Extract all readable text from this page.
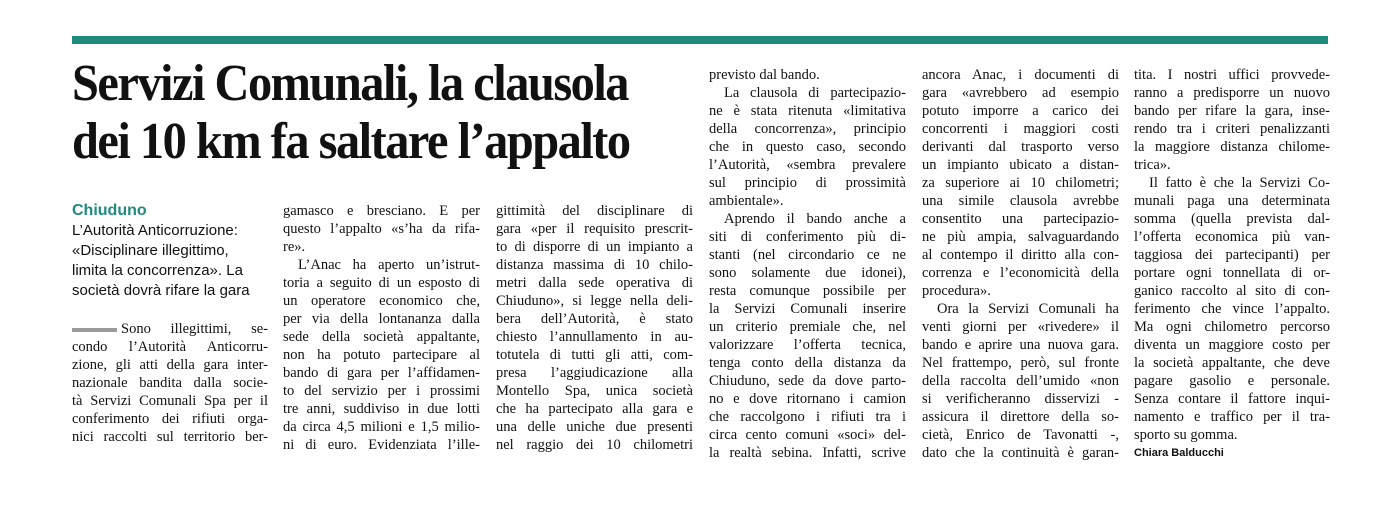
Servizi Comunali, la clausola
dei 10 km fa saltare l’appalto
Chiuduno
L’Autorità Anticorruzione:
«Disciplinare illegittimo,
limita la concorrenza». La
società dovrà rifare la gara
Sono illegittimi, se-
condo l’Autorità Anticorru-
zione, gli atti della gara inter-
nazionale bandita dalla socie-
tà Servizi Comunali Spa per il
conferimento dei rifiuti orga-
nici raccolti sul territorio ber-
gamasco e bresciano. E per
questo l’appalto «s’ha da rifa-
re».
L’Anac ha aperto un’istrut-
toria a seguito di un esposto di
un operatore economico che,
per via della lontananza dalla
sede della società appaltante,
non ha potuto partecipare al
bando di gara per l’affidamen-
to del servizio per i prossimi
tre anni, suddiviso in due lotti
da circa 4,5 milioni e 1,5 milio-
ni di euro. Evidenziata l’ille-
gittimità del disciplinare di
gara «per il requisito prescrit-
to di disporre di un impianto a
distanza massima di 10 chilo-
metri dalla sede operativa di
Chiuduno», si legge nella deli-
bera dell’Autorità, è stato
chiesto l’annullamento in au-
totutela di tutti gli atti, com-
presa l’aggiudicazione alla
Montello Spa, unica società
che ha partecipato alla gara e
una delle uniche due presenti
nel raggio dei 10 chilometri
previsto dal bando.
La clausola di partecipazio-
ne è stata ritenuta «limitativa
della concorrenza», principio
che in questo caso, secondo
l’Autorità, «sembra prevalere
sul principio di prossimità
ambientale».
Aprendo il bando anche a
siti di conferimento più di-
stanti (nel circondario ce ne
sono solamente due idonei),
resta comunque possibile per
la Servizi Comunali inserire
un criterio premiale che, nel
valorizzare l’offerta tecnica,
tenga conto della distanza da
Chiuduno, sede da dove parto-
no e dove ritornano i camion
che raccolgono i rifiuti tra i
circa cento comuni «soci» del-
la realtà sebina. Infatti, scrive
ancora Anac, i documenti di
gara «avrebbero ad esempio
potuto imporre a carico dei
concorrenti i maggiori costi
derivanti dal trasporto verso
un impianto ubicato a distan-
za superiore ai 10 chilometri;
una simile clausola avrebbe
consentito una partecipazio-
ne più ampia, salvaguardando
al contempo il diritto alla con-
correnza e l’economicità della
procedura».
Ora la Servizi Comunali ha
venti giorni per «rivedere» il
bando e aprire una nuova gara.
Nel frattempo, però, sul fronte
della raccolta dell’umido «non
si verificheranno disservizi -
assicura il direttore della so-
cietà, Enrico de Tavonatti -,
dato che la continuità è garan-
tita. I nostri uffici provvede-
ranno a predisporre un nuovo
bando per rifare la gara, inse-
rendo tra i criteri penalizzanti
la maggiore distanza chilome-
trica».
Il fatto è che la Servizi Co-
munali paga una determinata
somma (quella prevista dal-
l’offerta economica più van-
taggiosa dei partecipanti) per
portare ogni tonnellata di or-
ganico raccolto al sito di con-
ferimento che vince l’appalto.
Ma ogni chilometro percorso
diventa un maggiore costo per
la società appaltante, che deve
pagare gasolio e personale.
Senza contare il fattore inqui-
namento e traffico per il tra-
sporto su gomma.
Chiara Balducchi
